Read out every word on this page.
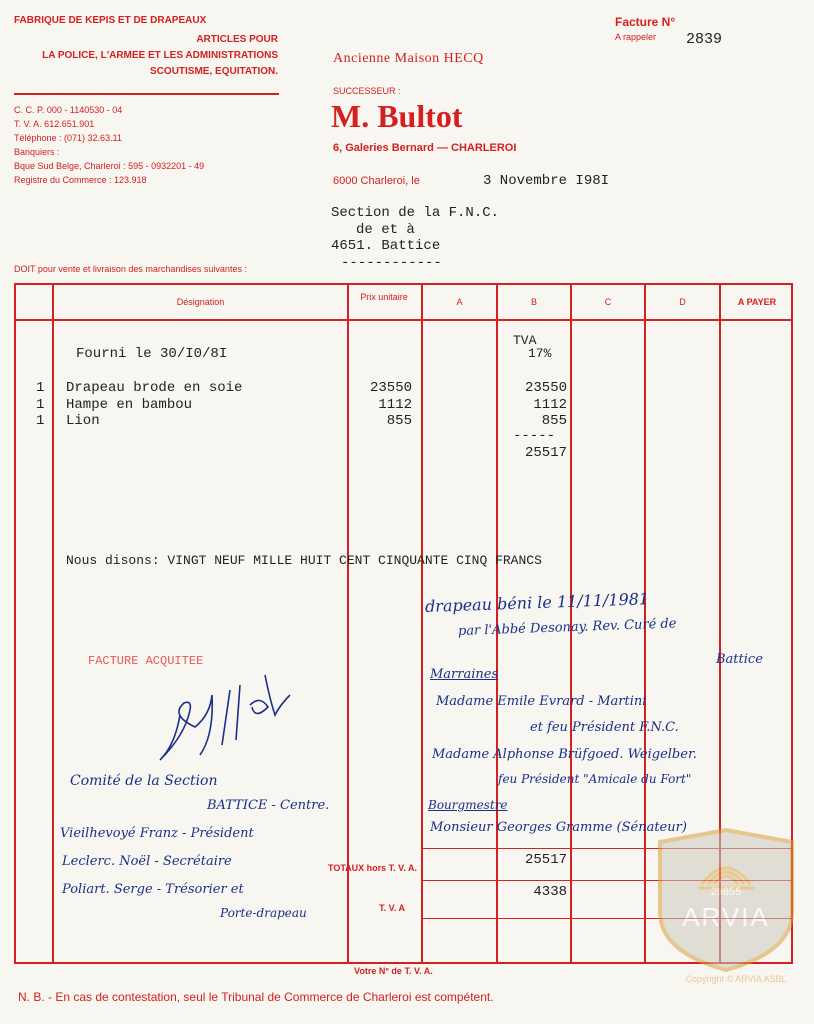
FABRIQUE DE KEPIS ET DE DRAPEAUX
ARTICLES POUR
LA POLICE, L'ARMEE ET LES ADMINISTRATIONS
SCOUTISME, EQUITATION.
C. C. P. 000 - 1140530 - 04
T. V. A. 612.651.901
Téléphone : (071) 32.63.11
Banquiers :
Bque Sud Belge, Charleroi : 595 - 0932201 - 49
Registre du Commerce : 123.918
Ancienne Maison HECQ
SUCCESSEUR :
M. Bultot
6, Galeries Bernard — CHARLEROI
6000 Charleroi, le	3 Novembre I98I
Facture N°
A rappeler 2839
Section de la F.N.C.
de et à
4651. Battice
------------
DOIT pour vente et livraison des marchandises suivantes :
Désignation	Prix unitaire	A	B	C	D	A PAYER
TVA
17%
Fourni le 30/I0/8I
1 Drapeau brode en soie	23550	23550
1 Hampe en bambou	1112	1112
1 Lion	855	855
-----
25517
Nous disons: VINGT NEUF MILLE HUIT CENT CINQUANTE CINQ FRANCS
FACTURE ACQUITEE
TOTAUX hors T. V. A.	25517
T. V. A
4338
drapeau béni le 11/11/1981
par l'Abbé Desonay. Rev. Curé de
Battice
Marraines
Madame Emile Evrard - Martini
et feu Président F.N.C.
Madame Alphonse Brüfgoed. Weigelber.
feu Président "Amicale du Fort"
Bourgmestre
Monsieur Georges Gramme (Sénateur)
Comité de la Section
BATTICE - Centre.
Vieilhevoyé Franz - Président
Leclerc. Noël - Secrétaire
Poliart. Serge - Trésorier et
Porte-drapeau
Votre N° de T. V. A.
N. B. - En cas de contestation, seul le Tribunal de Commerce de Charleroi est compétent.
29855
ARVIA
Copyright © ARVIA ASBL
